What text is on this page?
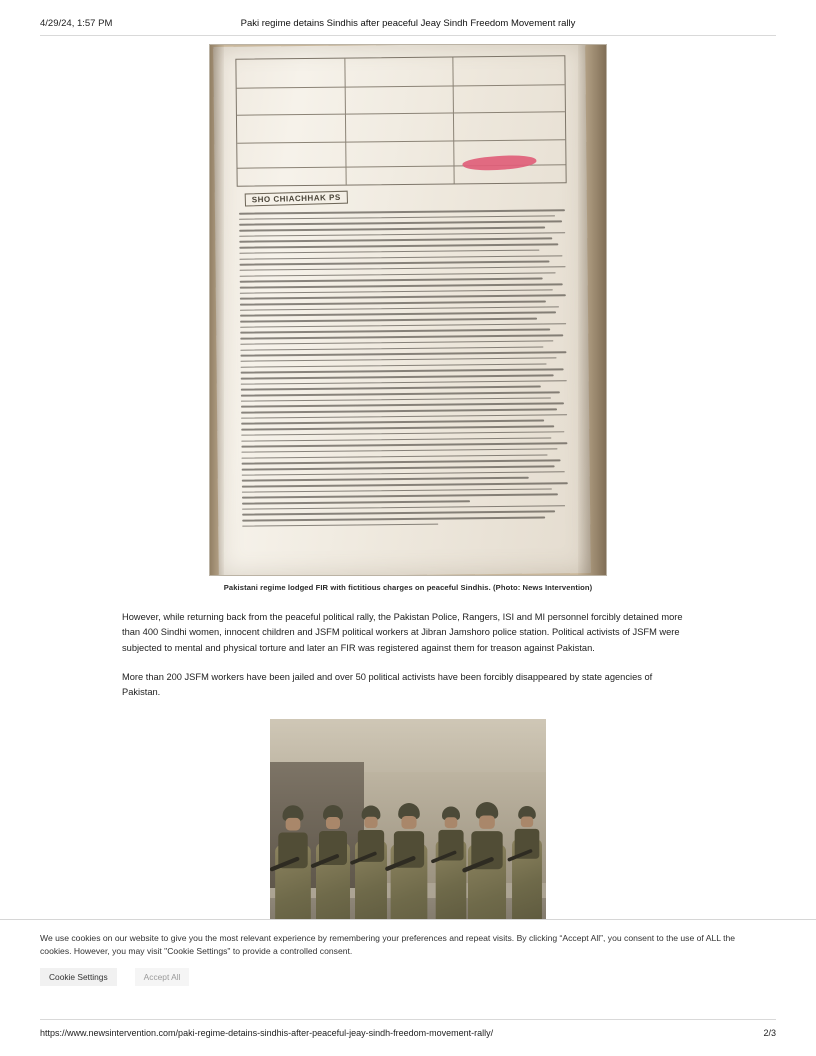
4/29/24, 1:57 PM	Paki regime detains Sindhis after peaceful Jeay Sindh Freedom Movement rally
SHO CHIACHHAK PS
Pakistani regime lodged FIR with fictitious charges on peaceful Sindhis. (Photo: News Intervention)

However, while returning back from the peaceful political rally, the Pakistan Police, Rangers, ISI and MI personnel forcibly detained more than 400 Sindhi women, innocent children and JSFM political workers at Jibran Jamshoro police station. Political activists of JSFM were subjected to mental and physical torture and later an FIR was registered against them for treason against Pakistan.

More than 200 JSFM workers have been jailed and over 50 political activists have been forcibly disappeared by state agencies of Pakistan.

We use cookies on our website to give you the most relevant experience by remembering your preferences and repeat visits. By clicking “Accept All”, you consent to the use of ALL the cookies. However, you may visit "Cookie Settings" to provide a controlled consent.
Cookie Settings	Accept All
https://www.newsintervention.com/paki-regime-detains-sindhis-after-peaceful-jeay-sindh-freedom-movement-rally/	2/3
